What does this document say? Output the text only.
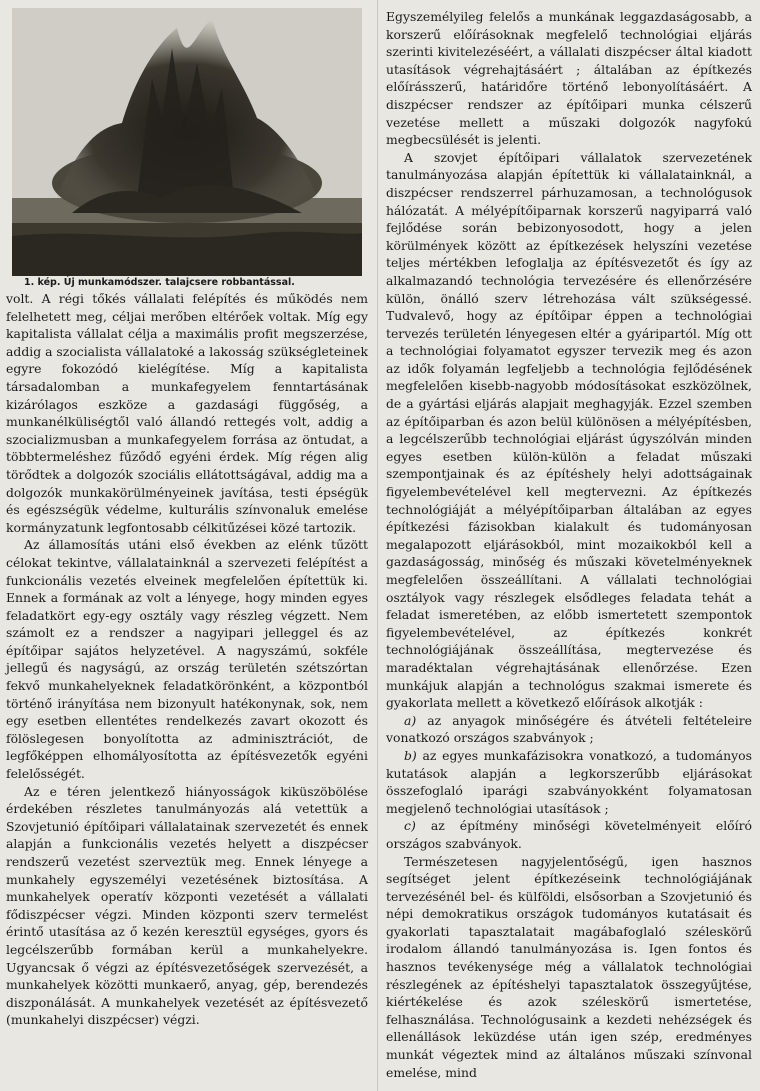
1. kép. Új munkamódszer. talajcsere robbantással.

volt. A régi tőkés vállalati felépítés és működés nem felelhetett meg, céljai merőben eltérőek voltak. Míg egy kapitalista vállalat célja a maximális profit megszerzése, addig a szocialista vállalatoké a lakosság szükségleteinek egyre fokozódó kielégítése. Míg a kapitalista társadalomban a munkafegyelem fenntartásának kizárólagos eszköze a gazdasági függőség, a munkanélküliségtől való állandó rettegés volt, addig a szocializmusban a munkafegyelem forrása az öntudat, a többtermeléshez fűződő egyéni érdek. Míg régen alig törődtek a dolgozók szociális ellátottságával, addig ma a dolgozók munkakörülményeinek javítása, testi épségük és egészségük védelme, kulturális színvonaluk emelése kormányzatunk legfontosabb célkitűzései közé tartozik.

Az államosítás utáni első években az elénk tűzött célokat tekintve, vállalatainknál a szervezeti felépítést a funkcionális vezetés elveinek megfelelően építettük ki. Ennek a formának az volt a lényege, hogy minden egyes feladatkört egy-egy osztály vagy részleg végzett. Nem számolt ez a rendszer a nagyipari jelleggel és az építőipar sajátos helyzetével. A nagyszámú, sokféle jellegű és nagyságú, az ország területén szétszórtan fekvő munkahelyeknek feladatkörönként, a központból történő irányítása nem bizonyult hatékonynak, sok, nem egy esetben ellentétes rendelkezés zavart okozott és fölöslegesen bonyolította az adminisztrációt, de legfőképpen elhomályosította az építésvezetők egyéni felelősségét.

Az e téren jelentkező hiányosságok kiküszöbölése érdekében részletes tanulmányozás alá vetettük a Szovjetunió építőipari vállalatainak szervezetét és ennek alapján a funkcionális vezetés helyett a diszpécser rendszerű vezetést szerveztük meg. Ennek lényege a munkahely egyszemélyi vezetésének biztosítása. A munkahelyek operatív központi vezetését a vállalati fődiszpécser végzi. Minden központi szerv termelést érintő utasítása az ő kezén keresztül egységes, gyors és legcélszerűbb formában kerül a munkahelyekre. Ugyancsak ő végzi az építésvezetőségek szervezését, a munkahelyek közötti munkaerő, anyag, gép, berendezés diszponálását. A munkahelyek vezetését az építésvezető (munkahelyi diszpécser) végzi.

Egyszemélyileg felelős a munkának leggazdaságosabb, a korszerű előírásoknak megfelelő technológiai eljárás szerinti kivitelezéséért, a vállalati diszpécser által kiadott utasítások végrehajtásáért ; általában az építkezés előírásszerű, határidőre történő lebonyolításáért. A diszpécser rendszer az építőipari munka célszerű vezetése mellett a műszaki dolgozók nagyfokú megbecsülését is jelenti.

A szovjet építőipari vállalatok szervezetének tanulmányozása alapján építettük ki vállalatainknál, a diszpécser rendszerrel párhuzamosan, a technológusok hálózatát. A mélyépítőiparnak korszerű nagyiparrá való fejlődése során bebizonyosodott, hogy a jelen körülmények között az építkezések helyszíni vezetése teljes mértékben lefoglalja az építésvezetőt és így az alkalmazandó technológia tervezésére és ellenőrzésére külön, önálló szerv létrehozása vált szükségessé. Tudvalevő, hogy az építőipar éppen a technológiai tervezés területén lényegesen eltér a gyáripartól. Míg ott a technológiai folyamatot egyszer tervezik meg és azon az idők folyamán legfeljebb a technológia fejlődésének megfelelően kisebb-nagyobb módosításokat eszközölnek, de a gyártási eljárás alapjait meghagyják. Ezzel szemben az építőiparban és azon belül különösen a mélyépítésben, a legcélszerűbb technológiai eljárást úgyszólván minden egyes esetben külön-külön a feladat műszaki szempontjainak és az építéshely helyi adottságainak figyelembevételével kell megtervezni. Az építkezés technológiáját a mélyépítőiparban általában az egyes építkezési fázisokban kialakult és tudományosan megalapozott eljárásokból, mint mozaikokból kell a gazdaságosság, minőség és műszaki követelményeknek megfelelően összeállítani. A vállalati technológiai osztályok vagy részlegek elsődleges feladata tehát a feladat ismeretében, az előbb ismertetett szempontok figyelembevételével, az építkezés konkrét technológiájának összeállítása, megtervezése és maradéktalan végrehajtásának ellenőrzése. Ezen munkájuk alapján a technológus szakmai ismerete és gyakorlata mellett a következő előírások alkotják :

a) az anyagok minőségére és átvételi feltételeire vonatkozó országos szabványok ;

b) az egyes munkafázisokra vonatkozó, a tudományos kutatások alapján a legkorszerűbb eljárásokat összefoglaló iparági szabványokként folyamatosan megjelenő technológiai utasítások ;

c) az építmény minőségi követelményeit előíró országos szabványok.

Természetesen nagyjelentőségű, igen hasznos segítséget jelent építkezéseink technológiájának tervezésénél bel- és külföldi, elsősorban a Szovjetunió és népi demokratikus országok tudományos kutatásait és gyakorlati tapasztalatait magábafoglaló széleskörű irodalom állandó tanulmányozása is. Igen fontos és hasznos tevékenysége még a vállalatok technológiai részlegének az építéshelyi tapasztalatok összegyűjtése, kiértékelése és azok széleskörű ismertetése, felhasználása. Technológusaink a kezdeti nehézségek és ellenállások leküzdése után igen szép, eredményes munkát végeztek mind az általános műszaki színvonal emelése, mind
